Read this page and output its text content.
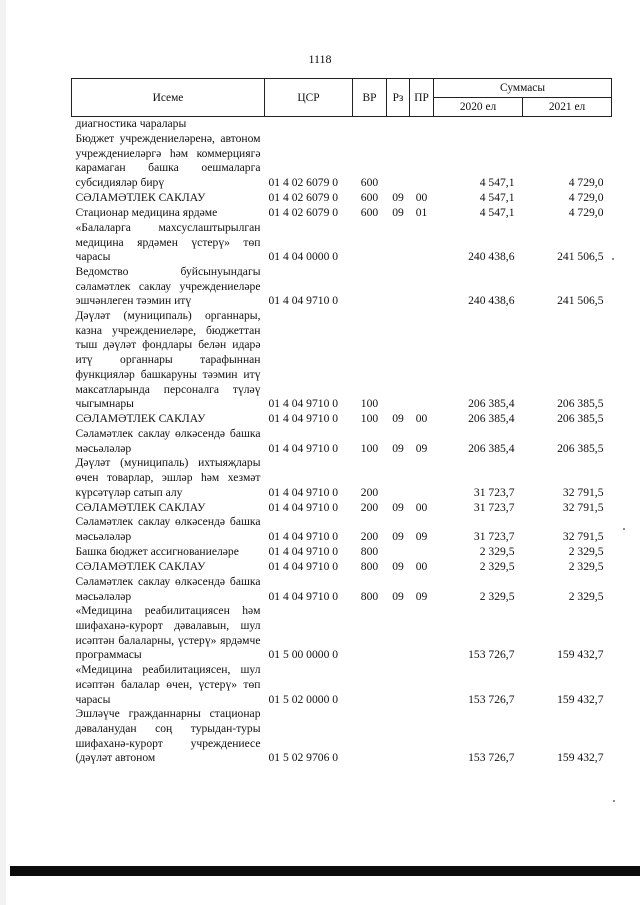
1118
Исеме	ЦСР	ВР	Рз	ПР	Суммасы	
					2020 ел	2021 ел
диагностика чаралары						
Бюджет учреждениеләренә, автоном учреждениеләргә һәм коммерциягә карамаган башка оешмаларга субсидияләр бирү	01 4 02 6079 0	600			4 547,1	4 729,0
СӘЛАМӘТЛЕК САКЛАУ	01 4 02 6079 0	600	09	00	4 547,1	4 729,0
Стационар медицина ярдәме	01 4 02 6079 0	600	09	01	4 547,1	4 729,0
«Балаларга махсуслаштырылган медицина ярдәмен үстерү» төп чарасы	01 4 04 0000 0				240 438,6	241 506,5
Ведомство буйсынуындагы сәламәтлек саклау учреждениеләре эшчәнлеген тәэмин итү	01 4 04 9710 0				240 438,6	241 506,5
Дәүләт (муниципаль) органнары, казна учреждениеләре, бюджеттан тыш дәүләт фондлары белән идарә итү органнары тарафыннан функцияләр башкаруны тәэмин итү максатларында персоналга түләү чыгымнары	01 4 04 9710 0	100			206 385,4	206 385,5
СӘЛАМӘТЛЕК САКЛАУ	01 4 04 9710 0	100	09	00	206 385,4	206 385,5
Сәламәтлек саклау өлкәсендә башка мәсьәләләр	01 4 04 9710 0	100	09	09	206 385,4	206 385,5
Дәүләт (муниципаль) ихтыяҗлары өчен товарлар, эшләр һәм хезмәт күрсәтүләр сатып алу	01 4 04 9710 0	200			31 723,7	32 791,5
СӘЛАМӘТЛЕК САКЛАУ	01 4 04 9710 0	200	09	00	31 723,7	32 791,5
Сәламәтлек саклау өлкәсендә башка мәсьәләләр	01 4 04 9710 0	200	09	09	31 723,7	32 791,5
Башка бюджет ассигнованиеләре	01 4 04 9710 0	800			2 329,5	2 329,5
СӘЛАМӘТЛЕК САКЛАУ	01 4 04 9710 0	800	09	00	2 329,5	2 329,5
Сәламәтлек саклау өлкәсендә башка мәсьәләләр	01 4 04 9710 0	800	09	09	2 329,5	2 329,5
«Медицина реабилитациясен һәм шифаханә-курорт дәвалавын, шул исәптән балаларны, үстерү» ярдәмче программасы	01 5 00 0000 0				153 726,7	159 432,7
«Медицина реабилитациясен, шул исәптән балалар өчен, үстерү» төп чарасы	01 5 02 0000 0				153 726,7	159 432,7
Эшләүче гражданнарны стационар дәваланудан соң турыдан-туры шифаханә-курорт учреждениесе (дәүләт автоном	01 5 02 9706 0				153 726,7	159 432,7
